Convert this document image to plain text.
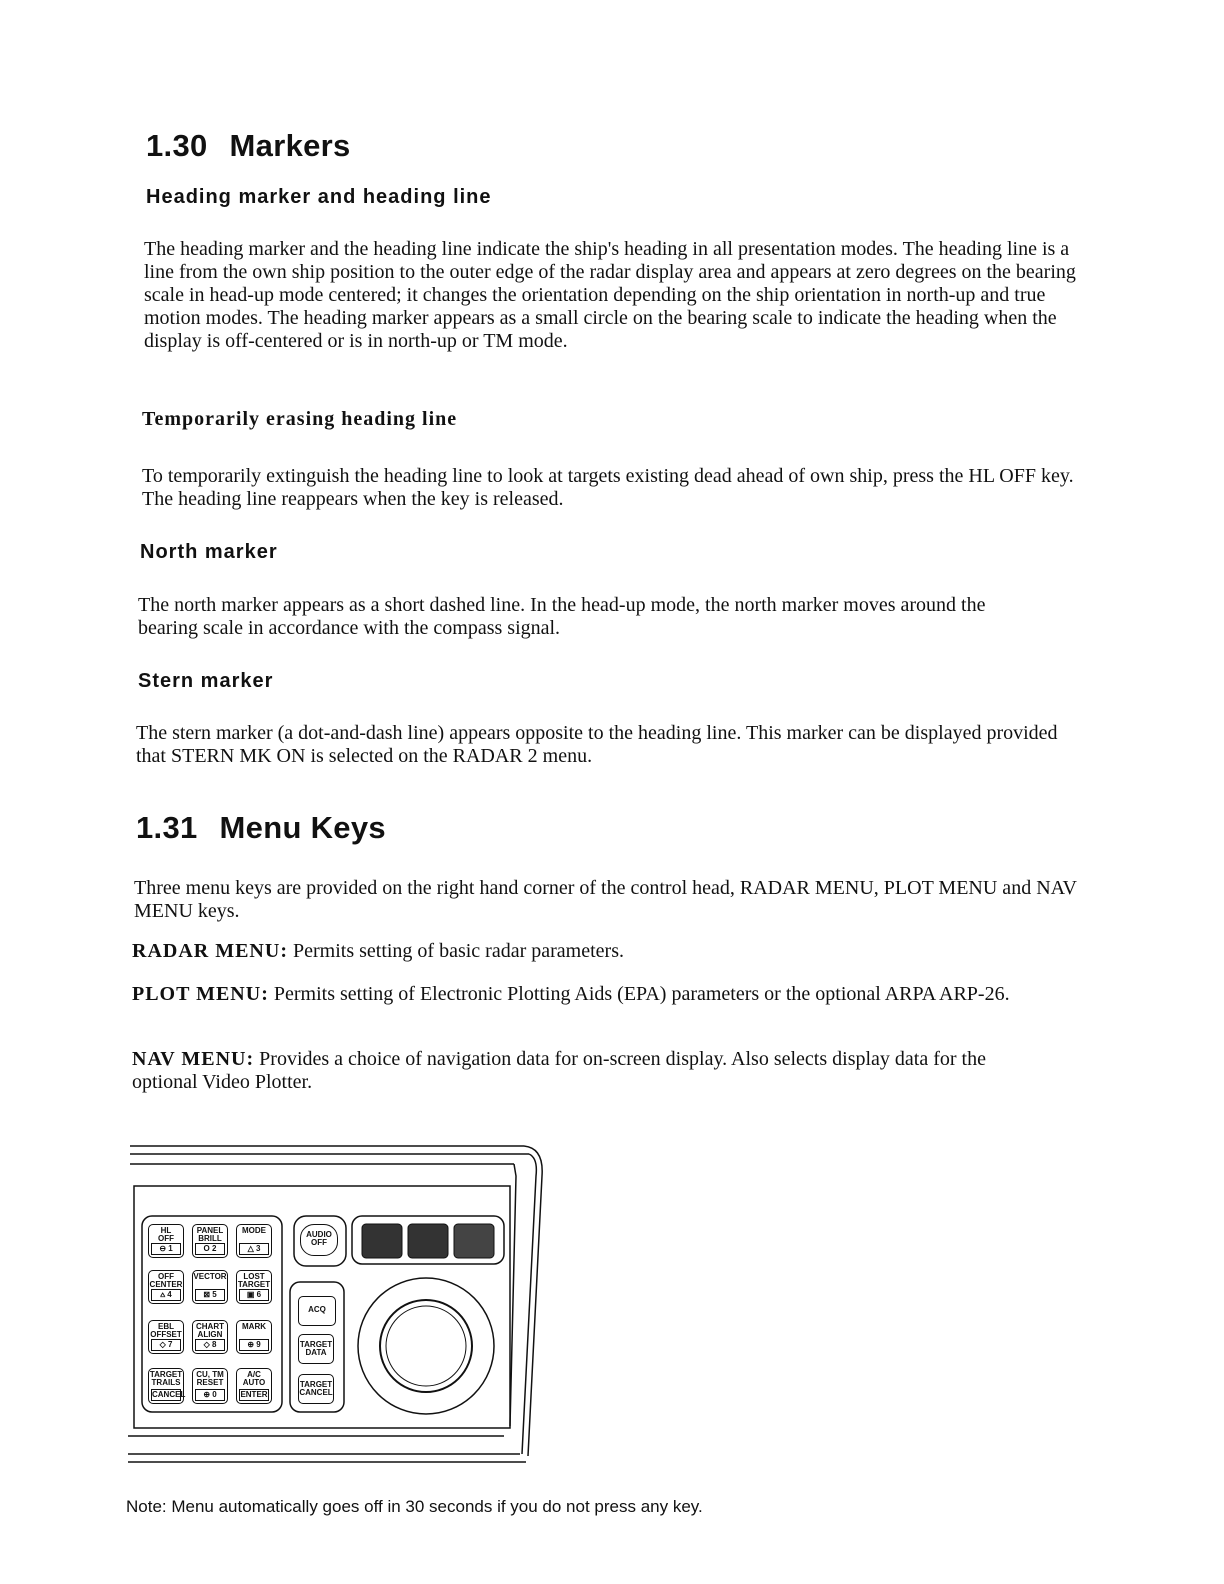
1.30 Markers
Heading marker and heading line
The heading marker and the heading line indicate the ship's heading in all presentation modes. The heading line is a line from the own ship position to the outer edge of the radar display area and appears at zero degrees on the bearing scale in head-up mode centered; it changes the orientation depending on the ship orientation in north-up and true motion modes. The heading marker appears as a small circle on the bearing scale to indicate the heading when the display is off-centered or is in north-up or TM mode.
Temporarily erasing heading line
To temporarily extinguish the heading line to look at targets existing dead ahead of own ship, press the HL OFF key. The heading line reappears when the key is released.
North marker
The north marker appears as a short dashed line. In the head-up mode, the north marker moves around the bearing scale in accordance with the compass signal.
Stern marker
The stern marker (a dot-and-dash line) appears opposite to the heading line. This marker can be displayed provided that STERN MK ON is selected on the RADAR 2 menu.
1.31 Menu Keys
Three menu keys are provided on the right hand corner of the control head, RADAR MENU, PLOT MENU and NAV MENU keys.
RADAR MENU: Permits setting of basic radar parameters.
PLOT MENU: Permits setting of Electronic Plotting Aids (EPA) parameters or the optional ARPA ARP-26.
NAV MENU: Provides a choice of navigation data for on-screen display. Also selects display data for the optional Video Plotter.
HL
OFF
⊖ 1
PANEL
BRILL
O 2
MODE
△ 3
OFF
CENTER
⩟ 4
VECTOR
⊠ 5
LOST
TARGET
▣ 6
EBL
OFFSET
◇ 7
CHART
ALIGN
◇ 8
MARK
⊕ 9
TARGET
TRAILS
CANCEL
CU, TM
RESET
⊕ 0
A/C
AUTO
ENTER
AUDIO
OFF
ACQ
TARGET
DATA
TARGET
CANCEL
Note: Menu automatically goes off in 30 seconds if you do not press any key.
